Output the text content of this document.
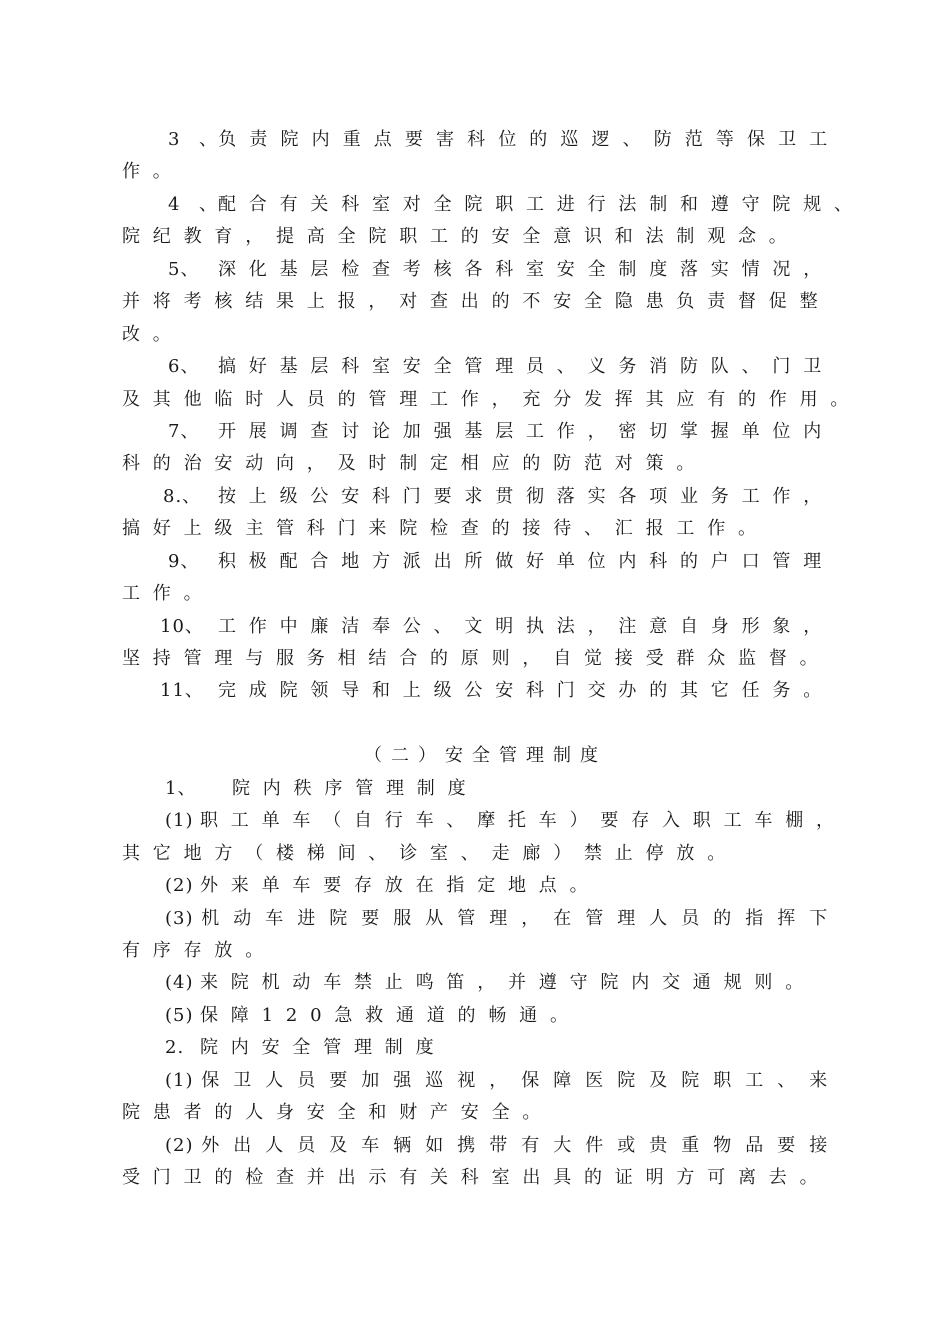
3、负责院内重点要害科位的巡逻、防范等保卫工
作。
4、配合有关科室对全院职工进行法制和遵守院规、
院纪教育，提高全院职工的安全意识和法制观念。
5、 深化基层检查考核各科室安全制度落实情况，
并将考核结果上报，对查出的不安全隐患负责督促整
改。
6、 搞好基层科室安全管理员、义务消防队、门卫
及其他临时人员的管理工作，充分发挥其应有的作用。
7、 开展调查讨论加强基层工作，密切掌握单位内
科的治安动向，及时制定相应的防范对策。
8.、 按上级公安科门要求贯彻落实各项业务工作，
搞好上级主管科门来院检查的接待、汇报工作。
9、 积极配合地方派出所做好单位内科的户口管理
工作。
10、 工作中廉洁奉公、文明执法，注意自身形象，
坚持管理与服务相结合的原则，自觉接受群众监督。
11、 完成院领导和上级公安科门交办的其它任务。
（二）安全管理制度
1、 院内秩序管理制度
(1) 职工单车（自行车、摩托车）要存入职工车棚，
其它地方（楼梯间、诊室、走廊）禁止停放。
(2) 外来单车要存放在指定地点。
(3) 机动车进院要服从管理，在管理人员的指挥下
有序存放。
(4) 来院机动车禁止鸣笛，并遵守院内交通规则。
(5) 保障120急救通道的畅通。
2. 院内安全管理制度
(1) 保卫人员要加强巡视，保障医院及院职工、来
院患者的人身安全和财产安全。
(2) 外出人员及车辆如携带有大件或贵重物品要接
受门卫的检查并出示有关科室出具的证明方可离去。
